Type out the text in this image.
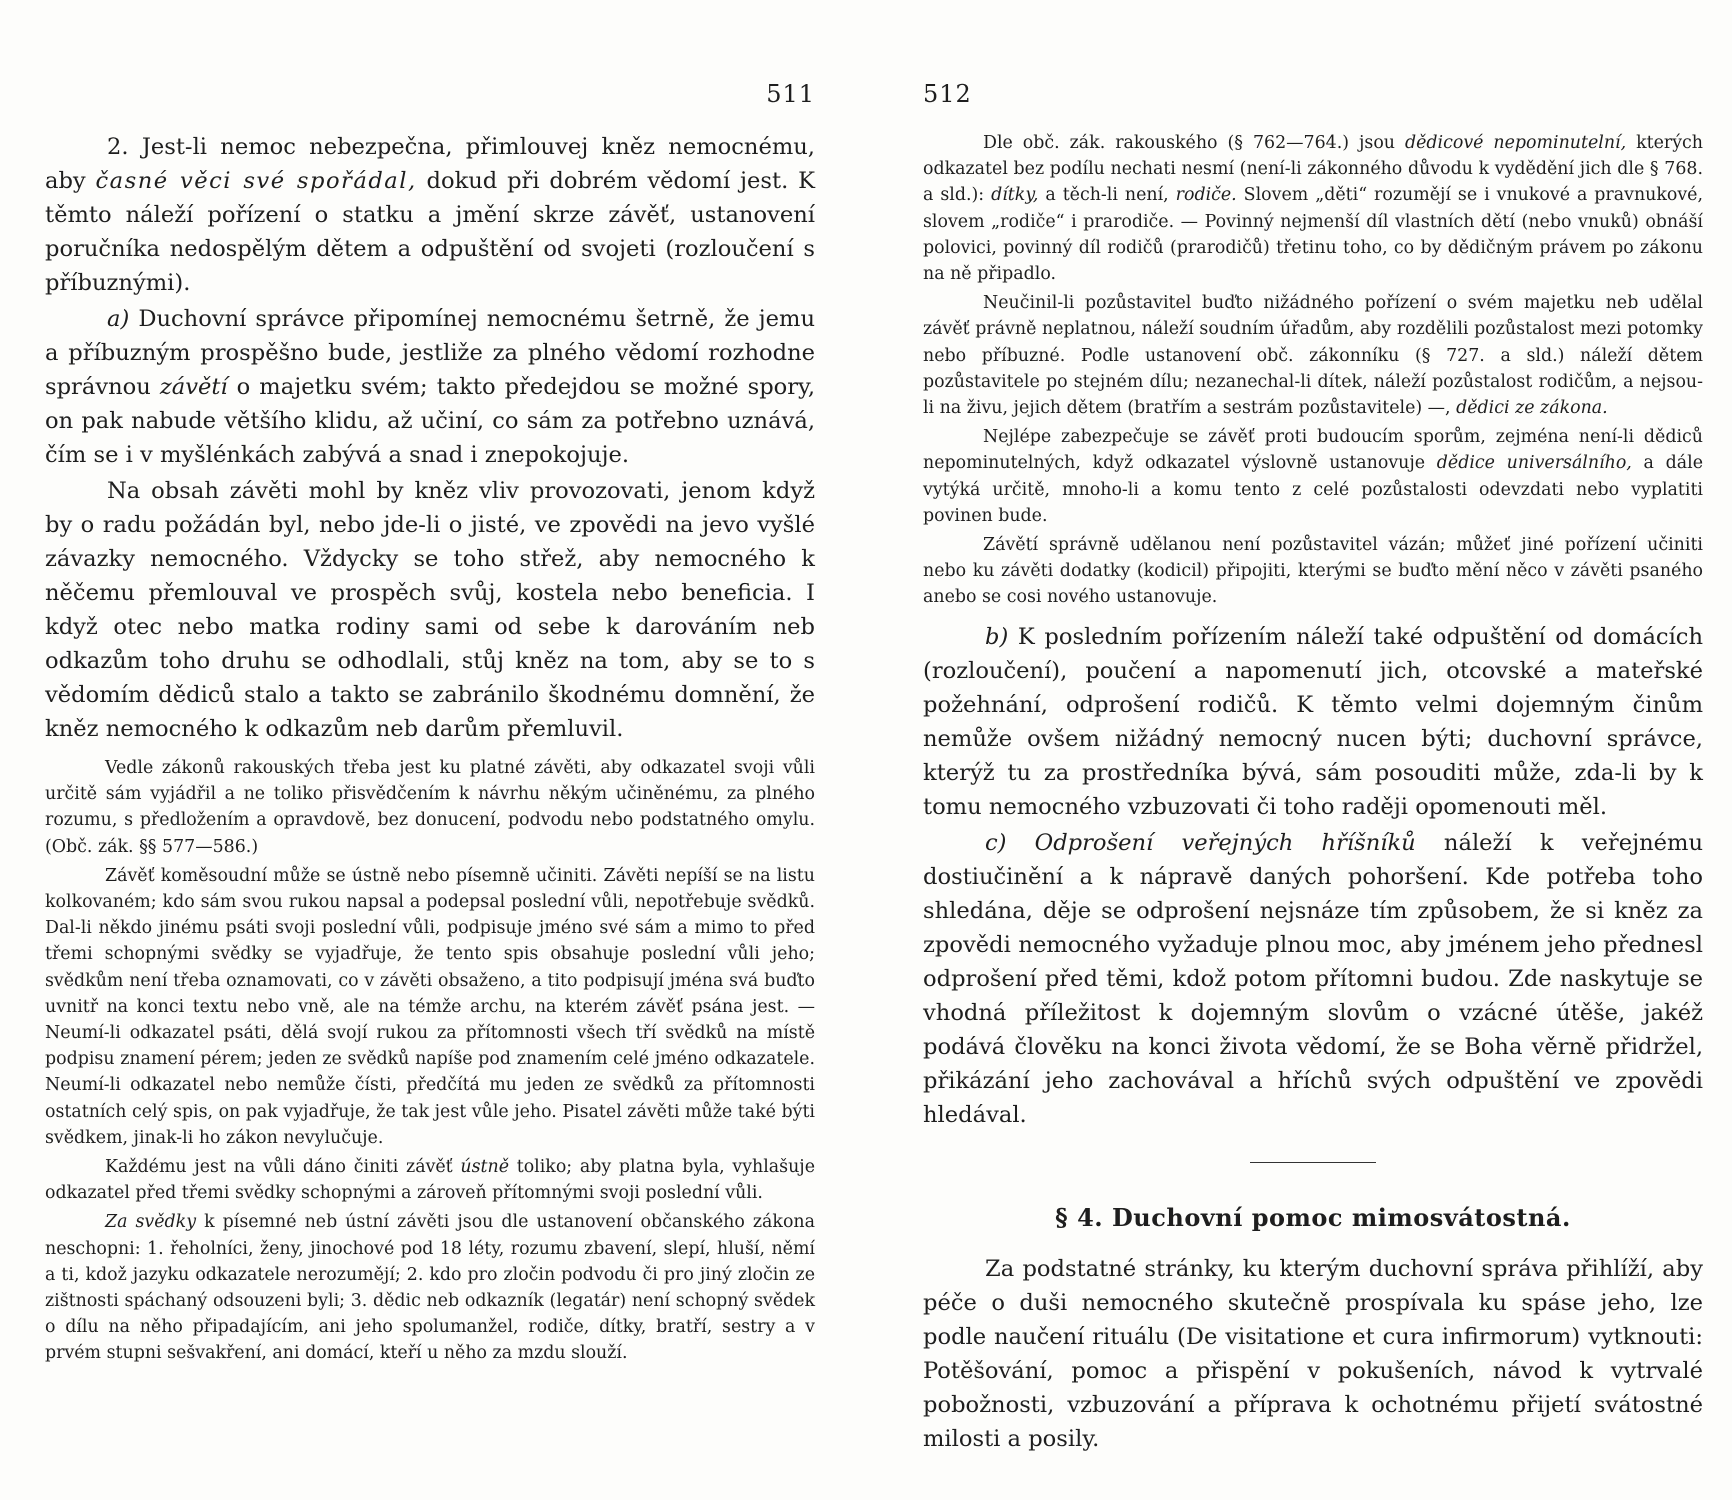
511

2. Jest-li nemoc nebezpečna, přimlouvej kněz nemocnému, aby časné věci své spořádal, dokud při dobrém vědomí jest. K těmto náleží pořízení o statku a jmění skrze závěť, ustanovení poručníka nedospělým dětem a odpuštění od svojeti (rozloučení s příbuznými).

a) Duchovní správce připomínej nemocnému šetrně, že jemu a příbuzným prospěšno bude, jestliže za plného vědomí rozhodne správnou závětí o majetku svém; takto předejdou se možné spory, on pak nabude většího klidu, až učiní, co sám za potřebno uznává, čím se i v myšlénkách zabývá a snad i znepokojuje.

Na obsah závěti mohl by kněz vliv provozovati, jenom když by o radu požádán byl, nebo jde-li o jisté, ve zpovědi na jevo vyšlé závazky nemocného. Vždycky se toho střež, aby nemocného k něčemu přemlouval ve prospěch svůj, kostela nebo beneficia. I když otec nebo matka rodiny sami od sebe k darováním neb odkazům toho druhu se odhodlali, stůj kněz na tom, aby se to s vědomím dědiců stalo a takto se zabránilo škodnému domnění, že kněz nemocného k odkazům neb darům přemluvil.

Vedle zákonů rakouských třeba jest ku platné závěti, aby odkazatel svoji vůli určitě sám vyjádřil a ne toliko přisvědčením k návrhu někým učiněnému, za plného rozumu, s předložením a opravdově, bez donucení, podvodu nebo podstatného omylu. (Obč. zák. §§ 577—586.)

Závěť koměsoudní může se ústně nebo písemně učiniti. Závěti nepíší se na listu kolkovaném; kdo sám svou rukou napsal a podepsal poslední vůli, nepotřebuje svědků. Dal-li někdo jinému psáti svoji poslední vůli, podpisuje jméno své sám a mimo to před třemi schopnými svědky se vyjadřuje, že tento spis obsahuje poslední vůli jeho; svědkům není třeba oznamovati, co v závěti obsaženo, a tito podpisují jména svá buďto uvnitř na konci textu nebo vně, ale na témže archu, na kterém závěť psána jest. — Neumí-li odkazatel psáti, dělá svojí rukou za přítomnosti všech tří svědků na místě podpisu znamení pérem; jeden ze svědků napíše pod znamením celé jméno odkazatele. Neumí-li odkazatel nebo nemůže čísti, předčítá mu jeden ze svědků za přítomnosti ostatních celý spis, on pak vyjadřuje, že tak jest vůle jeho. Pisatel závěti může také býti svědkem, jinak-li ho zákon nevylučuje.

Každému jest na vůli dáno činiti závěť ústně toliko; aby platna byla, vyhlašuje odkazatel před třemi svědky schopnými a zároveň přítomnými svoji poslední vůli.

Za svědky k písemné neb ústní závěti jsou dle ustanovení občanského zákona neschopni: 1. řeholníci, ženy, jinochové pod 18 léty, rozumu zbavení, slepí, hluší, němí a ti, kdož jazyku odkazatele nerozumějí; 2. kdo pro zločin podvodu či pro jiný zločin ze zištnosti spáchaný odsouzeni byli; 3. dědic neb odkazník (legatár) není schopný svědek o dílu na něho připadajícím, ani jeho spolumanžel, rodiče, dítky, bratří, sestry a v prvém stupni sešvakření, ani domácí, kteří u něho za mzdu slouží.

512

Dle obč. zák. rakouského (§ 762—764.) jsou dědicové nepominutelní, kterých odkazatel bez podílu nechati nesmí (není-li zákonného důvodu k vydědění jich dle § 768. a sld.): dítky, a těch-li není, rodiče. Slovem „děti“ rozumějí se i vnukové a pravnukové, slovem „rodiče“ i prarodiče. — Povinný nejmenší díl vlastních dětí (nebo vnuků) obnáší polovici, povinný díl rodičů (prarodičů) třetinu toho, co by dědičným právem po zákonu na ně připadlo.

Neučinil-li pozůstavitel buďto nižádného pořízení o svém majetku neb udělal závěť právně neplatnou, náleží soudním úřadům, aby rozdělili pozůstalost mezi potomky nebo příbuzné. Podle ustanovení obč. zákonníku (§ 727. a sld.) náleží dětem pozůstavitele po stejném dílu; nezanechal-li dítek, náleží pozůstalost rodičům, a nejsou-li na živu, jejich dětem (bratřím a sestrám pozůstavitele) —, dědici ze zákona.

Nejlépe zabezpečuje se závěť proti budoucím sporům, zejména není-li dědiců nepominutelných, když odkazatel výslovně ustanovuje dědice universálního, a dále vytýká určitě, mnoho-li a komu tento z celé pozůstalosti odevzdati nebo vyplatiti povinen bude.

Závětí správně udělanou není pozůstavitel vázán; můžeť jiné pořízení učiniti nebo ku závěti dodatky (kodicil) připojiti, kterými se buďto mění něco v závěti psaného anebo se cosi nového ustanovuje.

b) K posledním pořízením náleží také odpuštění od domácích (rozloučení), poučení a napomenutí jich, otcovské a mateřské požehnání, odprošení rodičů. K těmto velmi dojemným činům nemůže ovšem nižádný nemocný nucen býti; duchovní správce, kterýž tu za prostředníka bývá, sám posouditi může, zda-li by k tomu nemocného vzbuzovati či toho raději opomenouti měl.

c) Odprošení veřejných hříšníků náleží k veřejnému dostiučinění a k nápravě daných pohoršení. Kde potřeba toho shledána, děje se odprošení nejsnáze tím způsobem, že si kněz za zpovědi nemocného vyžaduje plnou moc, aby jménem jeho přednesl odprošení před těmi, kdož potom přítomni budou. Zde naskytuje se vhodná příležitost k dojemným slovům o vzácné útěše, jakéž podává člověku na konci života vědomí, že se Boha věrně přidržel, přikázání jeho zachovával a hříchů svých odpuštění ve zpovědi hledával.

§ 4. Duchovní pomoc mimosvátostná.

Za podstatné stránky, ku kterým duchovní správa přihlíží, aby péče o duši nemocného skutečně prospívala ku spáse jeho, lze podle naučení rituálu (De visitatione et cura infirmorum) vytknouti: Potěšování, pomoc a přispění v pokušeních, návod k vytrvalé pobožnosti, vzbuzování a příprava k ochotnému přijetí svátostné milosti a posily.
